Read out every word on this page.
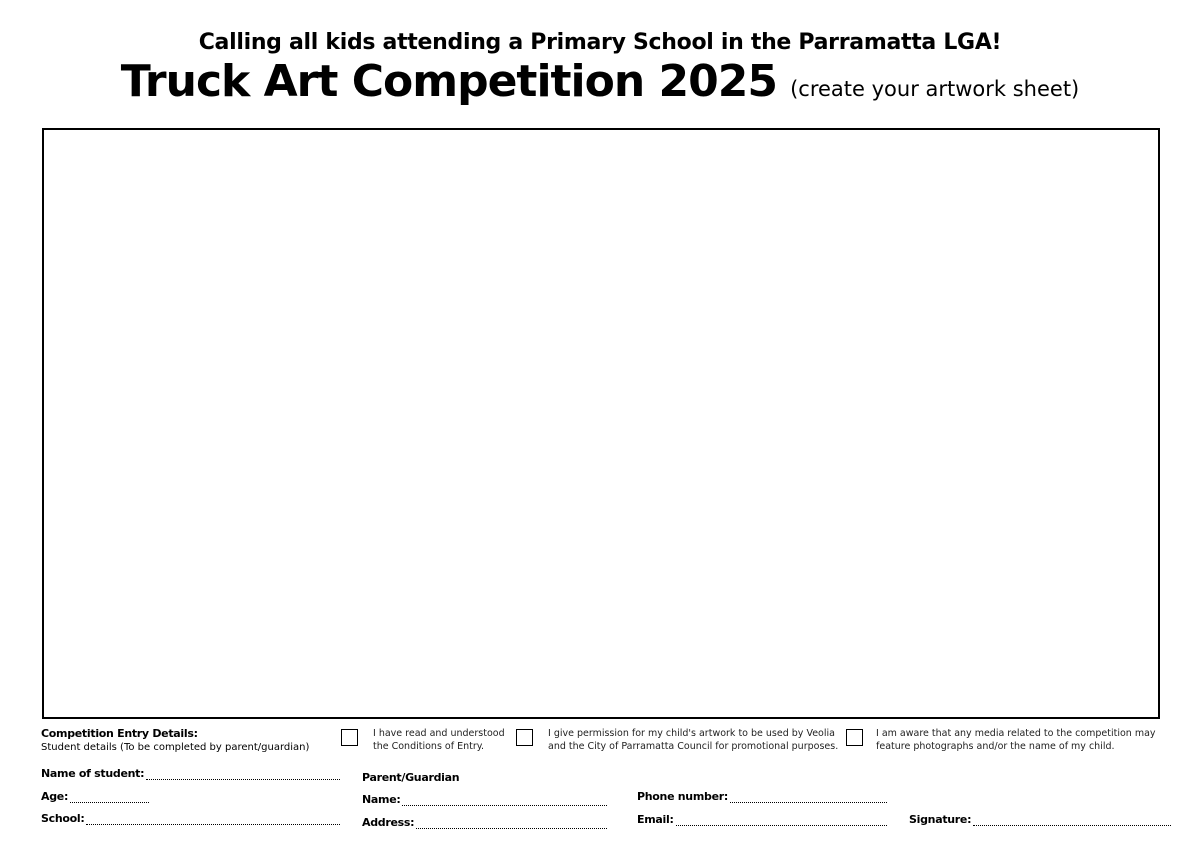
Calling all kids attending a Primary School in the Parramatta LGA!
Truck Art Competition 2025 (create your artwork sheet)
Competition Entry Details:
Student details (To be completed by parent/guardian)
I have read and understood
the Conditions of Entry.
I give permission for my child's artwork to be used by Veolia
and the City of Parramatta Council for promotional purposes.
I am aware that any media related to the competition may
feature photographs and/or the name of my child.
Name of student:
Age:
School:
Parent/Guardian
Name:
Address:
Phone number:
Email:	Signature:
